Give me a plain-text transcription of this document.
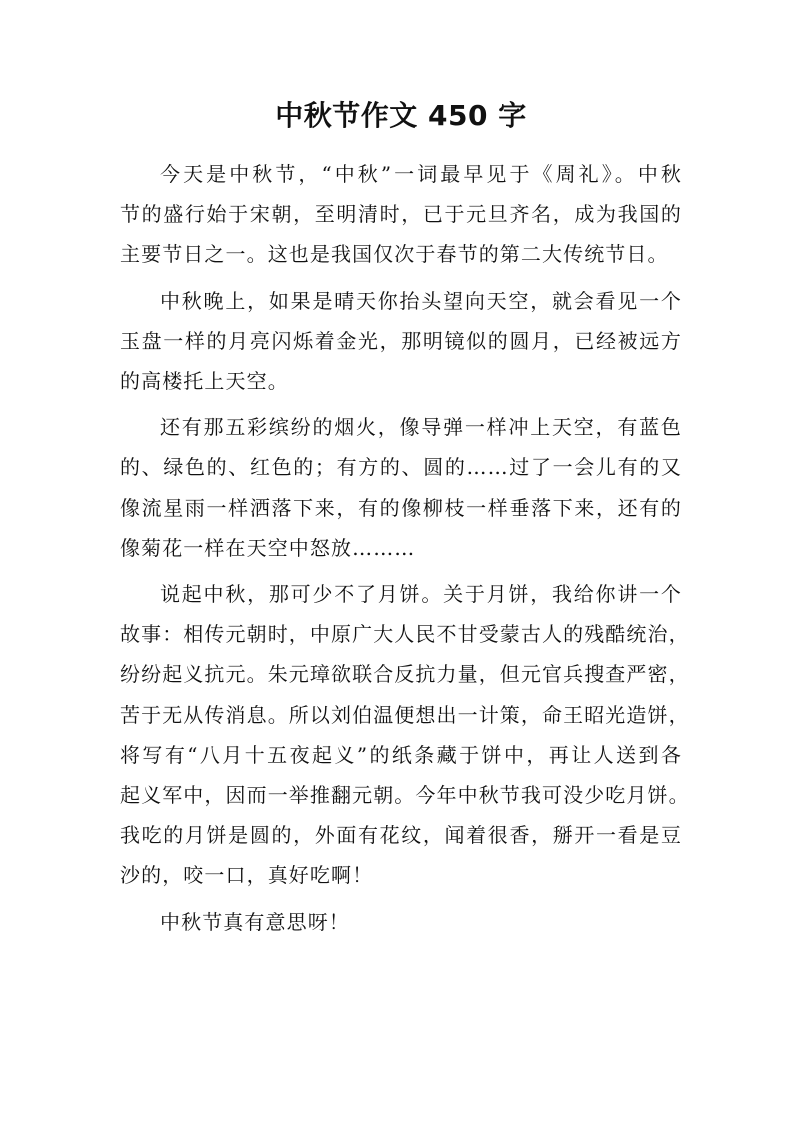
中秋节作文 450 字

今天是中秋节，“中秋”一词最早见于《周礼》。中秋
节的盛行始于宋朝，至明清时，已于元旦齐名，成为我国的
主要节日之一。这也是我国仅次于春节的第二大传统节日。

中秋晚上，如果是晴天你抬头望向天空，就会看见一个
玉盘一样的月亮闪烁着金光，那明镜似的圆月，已经被远方
的高楼托上天空。

还有那五彩缤纷的烟火，像导弹一样冲上天空，有蓝色
的、绿色的、红色的；有方的、圆的……过了一会儿有的又
像流星雨一样洒落下来，有的像柳枝一样垂落下来，还有的
像菊花一样在天空中怒放………

说起中秋，那可少不了月饼。关于月饼，我给你讲一个
故事：相传元朝时，中原广大人民不甘受蒙古人的残酷统治，
纷纷起义抗元。朱元璋欲联合反抗力量，但元官兵搜查严密，
苦于无从传消息。所以刘伯温便想出一计策，命王昭光造饼，
将写有“八月十五夜起义”的纸条藏于饼中，再让人送到各
起义军中，因而一举推翻元朝。今年中秋节我可没少吃月饼。
我吃的月饼是圆的，外面有花纹，闻着很香，掰开一看是豆
沙的，咬一口，真好吃啊！

中秋节真有意思呀！
